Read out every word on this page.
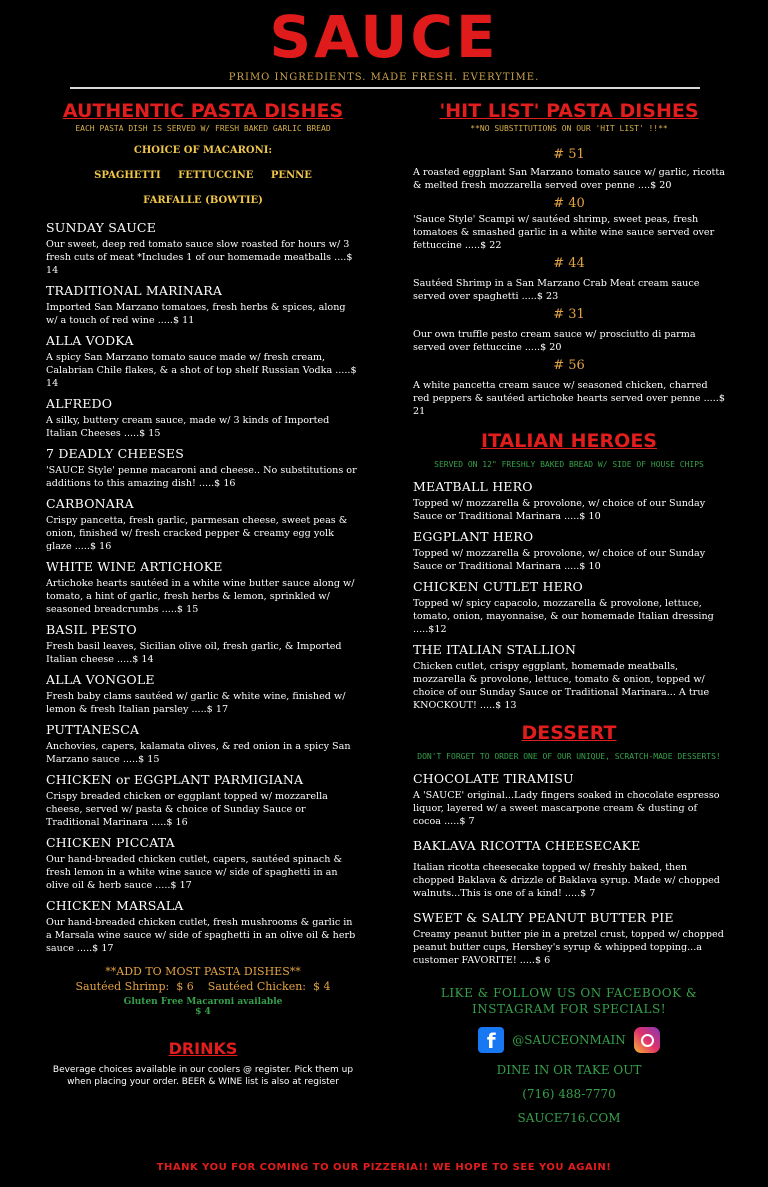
SAUCE
PRIMO INGREDIENTS. MADE FRESH. EVERYTIME.
AUTHENTIC PASTA DISHES
EACH PASTA DISH IS SERVED W/ FRESH BAKED GARLIC BREAD
CHOICE OF MACARONI:
SPAGHETTI     FETTUCCINE     PENNE
FARFALLE (BOWTIE)
SUNDAY SAUCE
Our sweet, deep red tomato sauce slow roasted for hours w/ 3 fresh cuts of meat *Includes 1 of our homemade meatballs ....$ 14
TRADITIONAL MARINARA
Imported San Marzano tomatoes, fresh herbs & spices, along w/ a touch of red wine .....$ 11
ALLA VODKA
A spicy San Marzano tomato sauce made w/ fresh cream, Calabrian Chile flakes, & a shot of top shelf Russian Vodka .....$ 14
ALFREDO
A silky, buttery cream sauce, made w/ 3 kinds of Imported Italian Cheeses .....$ 15
7 DEADLY CHEESES
'SAUCE Style' penne macaroni and cheese.. No substitutions or additions to this amazing dish! .....$ 16
CARBONARA
Crispy pancetta, fresh garlic, parmesan cheese, sweet peas & onion, finished w/ fresh cracked pepper & creamy egg yolk glaze .....$ 16
WHITE WINE ARTICHOKE
Artichoke hearts sautéed in a white wine butter sauce along w/ tomato, a hint of garlic, fresh herbs & lemon, sprinkled w/ seasoned breadcrumbs .....$ 15
BASIL PESTO
Fresh basil leaves, Sicilian olive oil, fresh garlic, & Imported Italian cheese .....$ 14
ALLA VONGOLE
Fresh baby clams sautéed w/ garlic & white wine, finished w/ lemon & fresh Italian parsley .....$ 17
PUTTANESCA
Anchovies, capers, kalamata olives, & red onion in a spicy San Marzano sauce .....$ 15
CHICKEN or EGGPLANT PARMIGIANA
Crispy breaded chicken or eggplant topped w/ mozzarella cheese, served w/ pasta & choice of Sunday Sauce or Traditional Marinara .....$ 16
CHICKEN PICCATA
Our hand-breaded chicken cutlet, capers, sautéed spinach & fresh lemon in a white wine sauce w/ side of spaghetti in an olive oil & herb sauce .....$ 17
CHICKEN MARSALA
Our hand-breaded chicken cutlet, fresh mushrooms & garlic in a Marsala wine sauce w/ side of spaghetti in an olive oil & herb sauce .....$ 17
**ADD TO MOST PASTA DISHES**
Sautéed Shrimp:  $ 6    Sautéed Chicken:  $ 4
Gluten Free Macaroni available
$ 4
DRINKS
Beverage choices available in our coolers @ register. Pick them up when placing your order. BEER & WINE list is also at register
'HIT LIST' PASTA DISHES
**NO SUBSTITUTIONS ON OUR 'HIT LIST' !!**
# 51
A roasted eggplant San Marzano tomato sauce w/ garlic, ricotta & melted fresh mozzarella served over penne ....$ 20
# 40
'Sauce Style' Scampi w/ sautéed shrimp, sweet peas, fresh tomatoes & smashed garlic in a white wine sauce served over fettuccine .....$ 22
# 44
Sautéed Shrimp in a San Marzano Crab Meat cream sauce served over spaghetti .....$ 23
# 31
Our own truffle pesto cream sauce w/ prosciutto di parma served over fettuccine .....$ 20
# 56
A white pancetta cream sauce w/ seasoned chicken, charred red peppers & sautéed artichoke hearts served over penne .....$ 21
ITALIAN HEROES
SERVED ON 12" FRESHLY BAKED BREAD W/ SIDE OF HOUSE CHIPS
MEATBALL HERO
Topped w/ mozzarella & provolone, w/ choice of our Sunday Sauce or Traditional Marinara .....$ 10
EGGPLANT HERO
Topped w/ mozzarella & provolone, w/ choice of our Sunday Sauce or Traditional Marinara .....$ 10
CHICKEN CUTLET HERO
Topped w/ spicy capacolo, mozzarella & provolone, lettuce, tomato, onion, mayonnaise, & our homemade Italian dressing .....$12
THE ITALIAN STALLION
Chicken cutlet, crispy eggplant, homemade meatballs, mozzarella & provolone, lettuce, tomato & onion, topped w/ choice of our Sunday Sauce or Traditional Marinara... A true KNOCKOUT! .....$ 13
DESSERT
DON'T FORGET TO ORDER ONE OF OUR UNIQUE, SCRATCH-MADE DESSERTS!
CHOCOLATE TIRAMISU
A 'SAUCE' original...Lady fingers soaked in chocolate espresso liquor, layered w/ a sweet mascarpone cream & dusting of cocoa .....$ 7
BAKLAVA RICOTTA CHEESECAKE
Italian ricotta cheesecake topped w/ freshly baked, then chopped Baklava & drizzle of Baklava syrup. Made w/ chopped walnuts...This is one of a kind! .....$ 7
SWEET & SALTY PEANUT BUTTER PIE
Creamy peanut butter pie in a pretzel crust, topped w/ chopped peanut butter cups, Hershey's syrup & whipped topping...a customer FAVORITE! .....$ 6
LIKE & FOLLOW US ON FACEBOOK &
INSTAGRAM FOR SPECIALS!
f	@SAUCEONMAIN
DINE IN OR TAKE OUT
(716) 488-7770
SAUCE716.COM
THANK YOU FOR COMING TO OUR PIZZERIA!! WE HOPE TO SEE YOU AGAIN!
